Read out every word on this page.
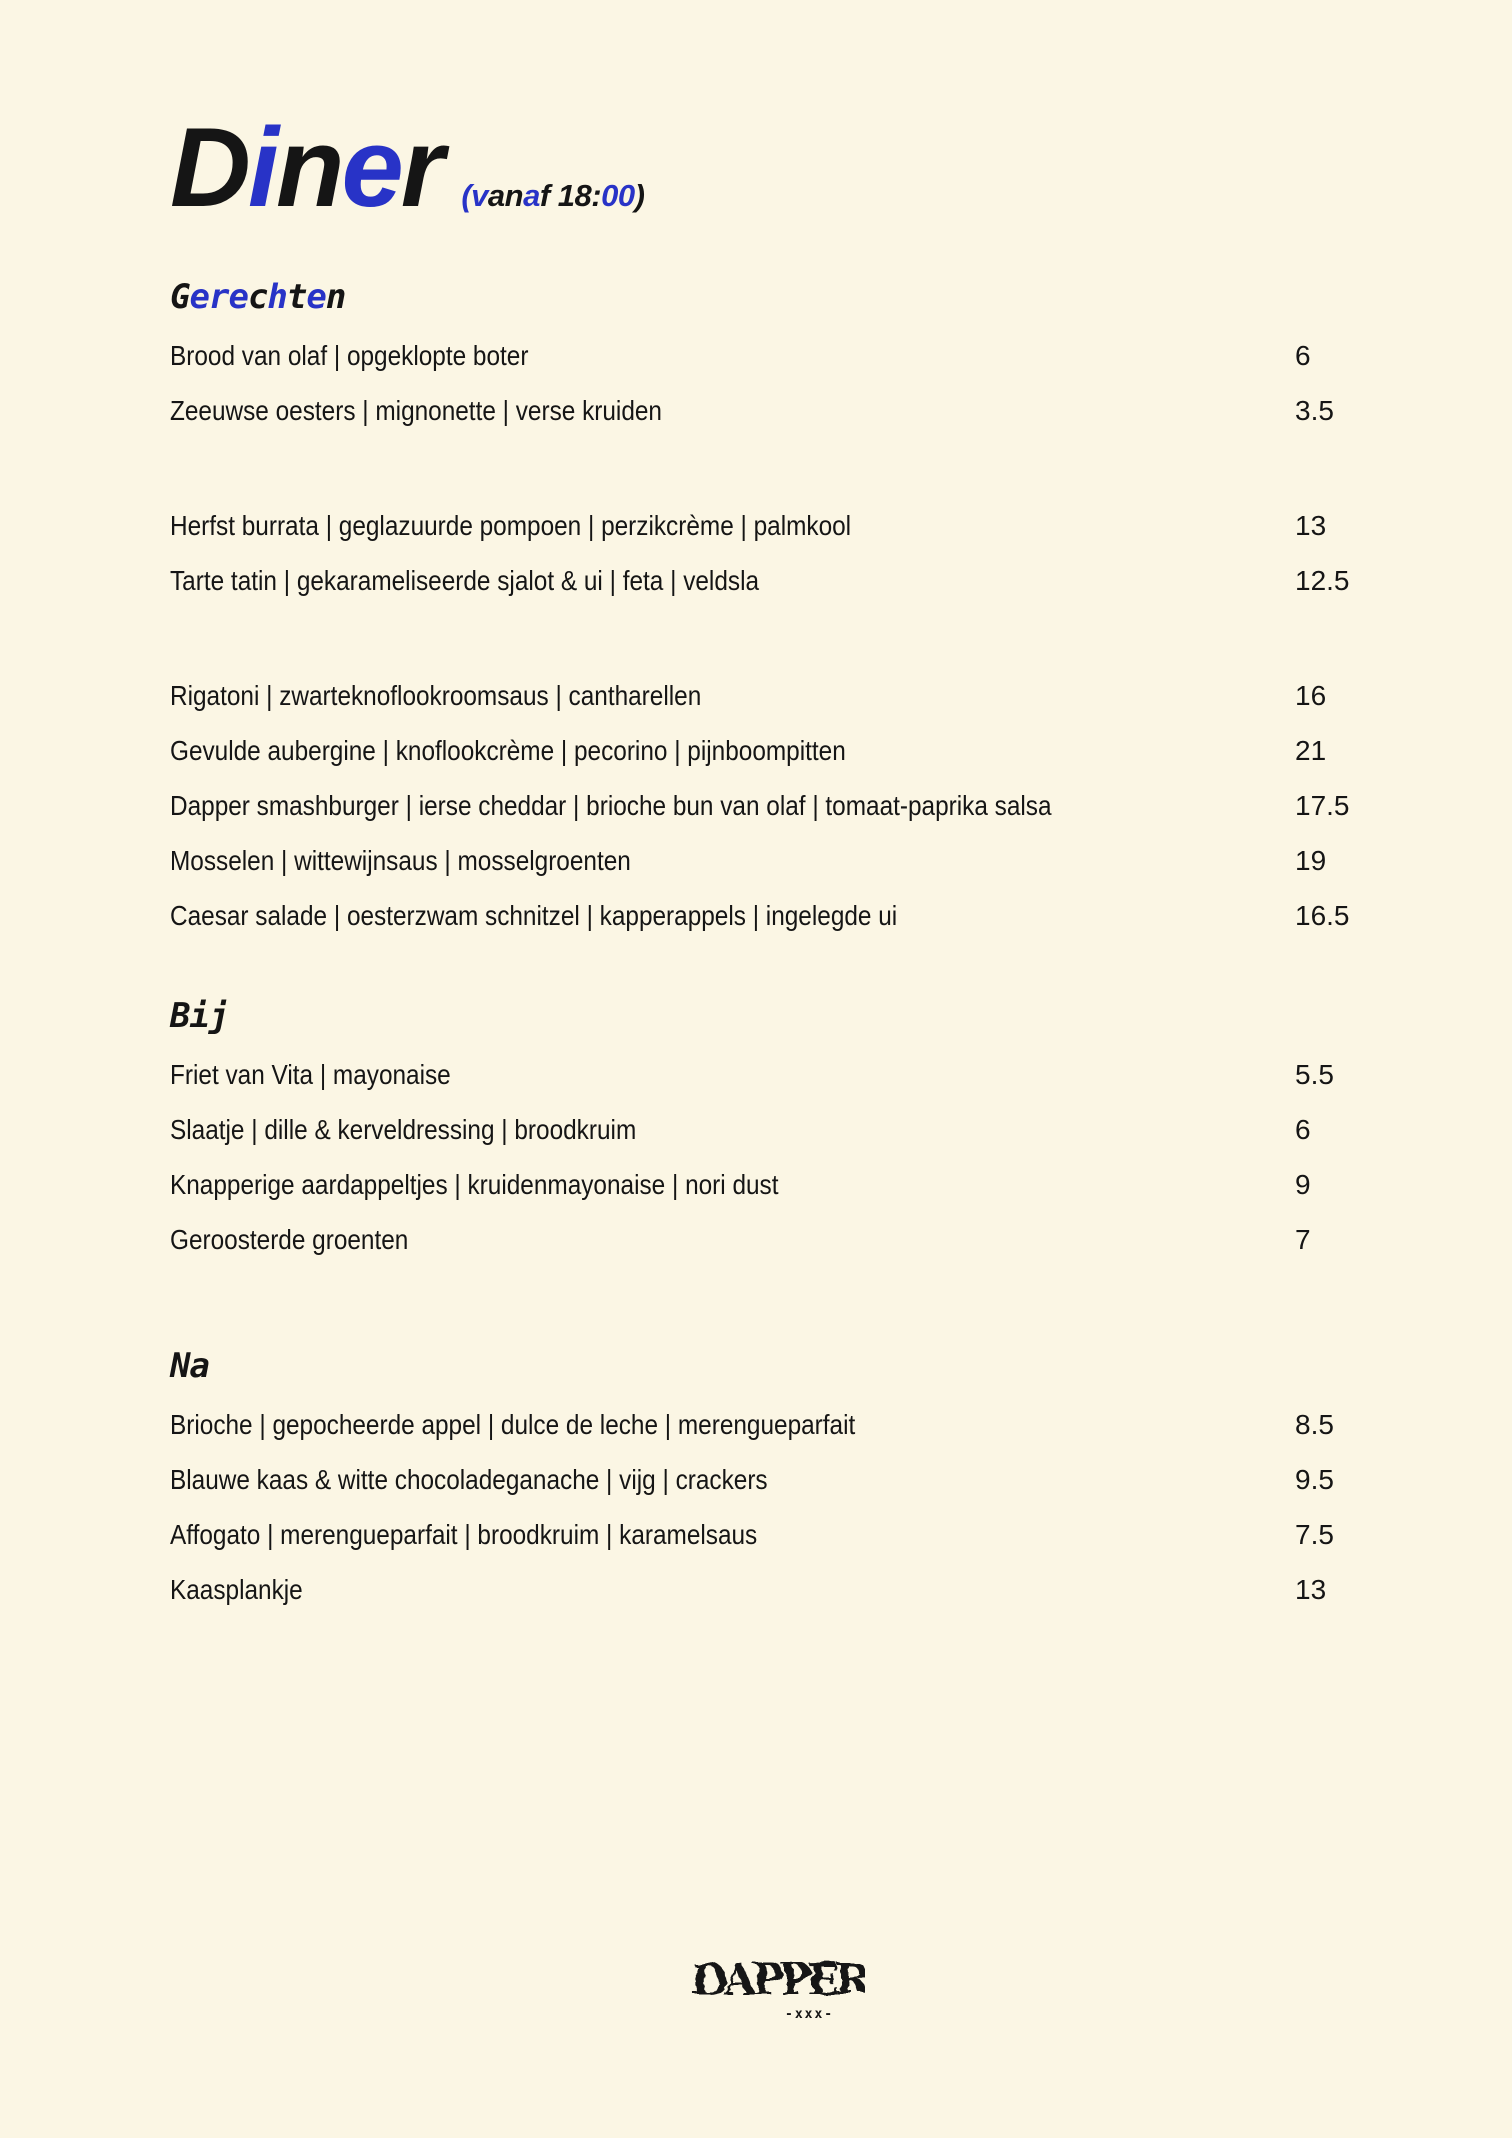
Diner (vanaf 18:00)
Gerechten
Brood van olaf | opgeklopte boter	6
Zeeuwse oesters | mignonette | verse kruiden	3.5
Herfst burrata | geglazuurde pompoen | perzikcrème | palmkool	13
Tarte tatin | gekarameliseerde sjalot & ui | feta | veldsla	12.5
Rigatoni | zwarteknoflookroomsaus | cantharellen	16
Gevulde aubergine | knoflookcrème | pecorino | pijnboompitten	21
Dapper smashburger | ierse cheddar | brioche bun van olaf | tomaat-paprika salsa	17.5
Mosselen | wittewijnsaus | mosselgroenten	19
Caesar salade | oesterzwam schnitzel | kapperappels | ingelegde ui	16.5
Bij
Friet van Vita | mayonaise	5.5
Slaatje | dille & kerveldressing | broodkruim	6
Knapperige aardappeltjes | kruidenmayonaise | nori dust	9
Geroosterde groenten	7
Na
Brioche | gepocheerde appel | dulce de leche | merengueparfait	8.5
Blauwe kaas & witte chocoladeganache | vijg | crackers	9.5
Affogato | merengueparfait | broodkruim | karamelsaus	7.5
Kaasplankje	13
DAPPER
-xxx-
